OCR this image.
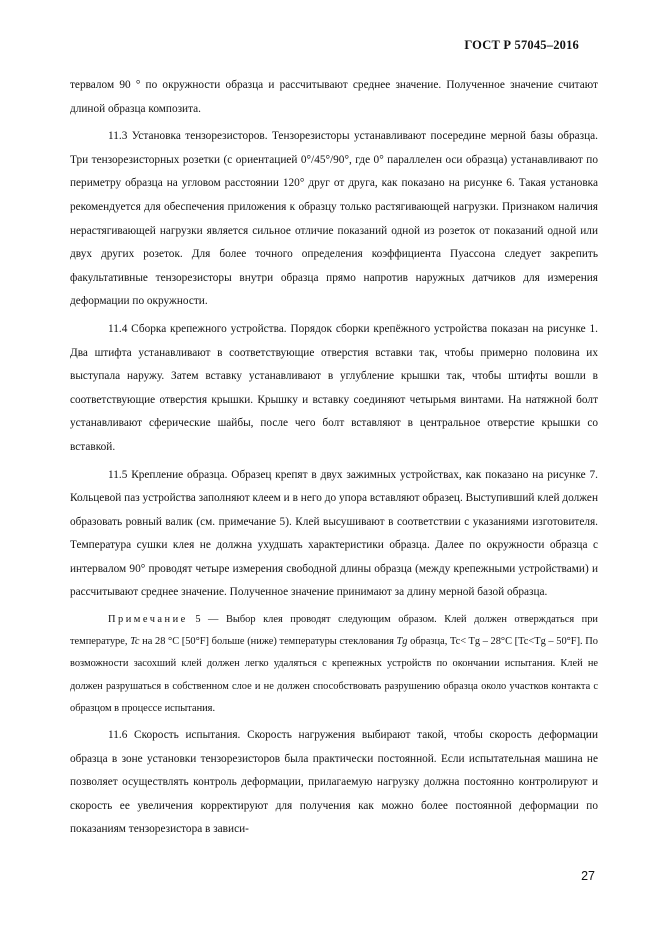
ГОСТ Р 57045–2016

тервалом 90 ° по окружности образца и рассчитывают среднее значение. Полученное значение считают длиной образца композита.

11.3 Установка тензорезисторов. Тензорезисторы устанавливают посередине мерной базы образца. Три тензорезисторных розетки (с ориентацией 0°/45°/90°, где 0° параллелен оси образца) устанавливают по периметру образца на угловом расстоянии 120° друг от друга, как показано на рисунке 6. Такая установка рекомендуется для обеспечения приложения к образцу только растягивающей нагрузки. Признаком наличия нерастягивающей нагрузки является сильное отличие показаний одной из розеток от показаний одной или двух других розеток. Для более точного определения коэффициента Пуассона следует закрепить факультативные тензорезисторы внутри образца прямо напротив наружных датчиков для измерения деформации по окружности.

11.4 Сборка крепежного устройства. Порядок сборки крепёжного устройства показан на рисунке 1. Два штифта устанавливают в соответствующие отверстия вставки так, чтобы примерно половина их выступала наружу. Затем вставку устанавливают в углубление крышки так, чтобы штифты вошли в соответствующие отверстия крышки. Крышку и вставку соединяют четырьмя винтами. На натяжной болт устанавливают сферические шайбы, после чего болт вставляют в центральное отверстие крышки со вставкой.

11.5 Крепление образца. Образец крепят в двух зажимных устройствах, как показано на рисунке 7. Кольцевой паз устройства заполняют клеем и в него до упора вставляют образец. Выступивший клей должен образовать ровный валик (см. примечание 5). Клей высушивают в соответствии с указаниями изготовителя. Температура сушки клея не должна ухудшать характеристики образца. Далее по окружности образца с интервалом 90° проводят четыре измерения свободной длины образца (между крепежными устройствами) и рассчитывают среднее значение. Полученное значение принимают за длину мерной базой образца.

Примечание 5 — Выбор клея проводят следующим образом. Клей должен отверждаться при температуре, Tc на 28 °С [50°F] больше (ниже) температуры стеклования Tg образца, Tc< Tg – 28°C [Tc<Tg – 50°F]. По возможности засохший клей должен легко удаляться с крепежных устройств по окончании испытания. Клей не должен разрушаться в собственном слое и не должен способствовать разрушению образца около участков контакта с образцом в процессе испытания.

11.6 Скорость испытания. Скорость нагружения выбирают такой, чтобы скорость деформации образца в зоне установки тензорезисторов была практически постоянной. Если испытательная машина не позволяет осуществлять контроль деформации, прилагаемую нагрузку должна постоянно контролируют и скорость ее увеличения корректируют для получения как можно более постоянной деформации по показаниям тензорезистора в зависи-

27
